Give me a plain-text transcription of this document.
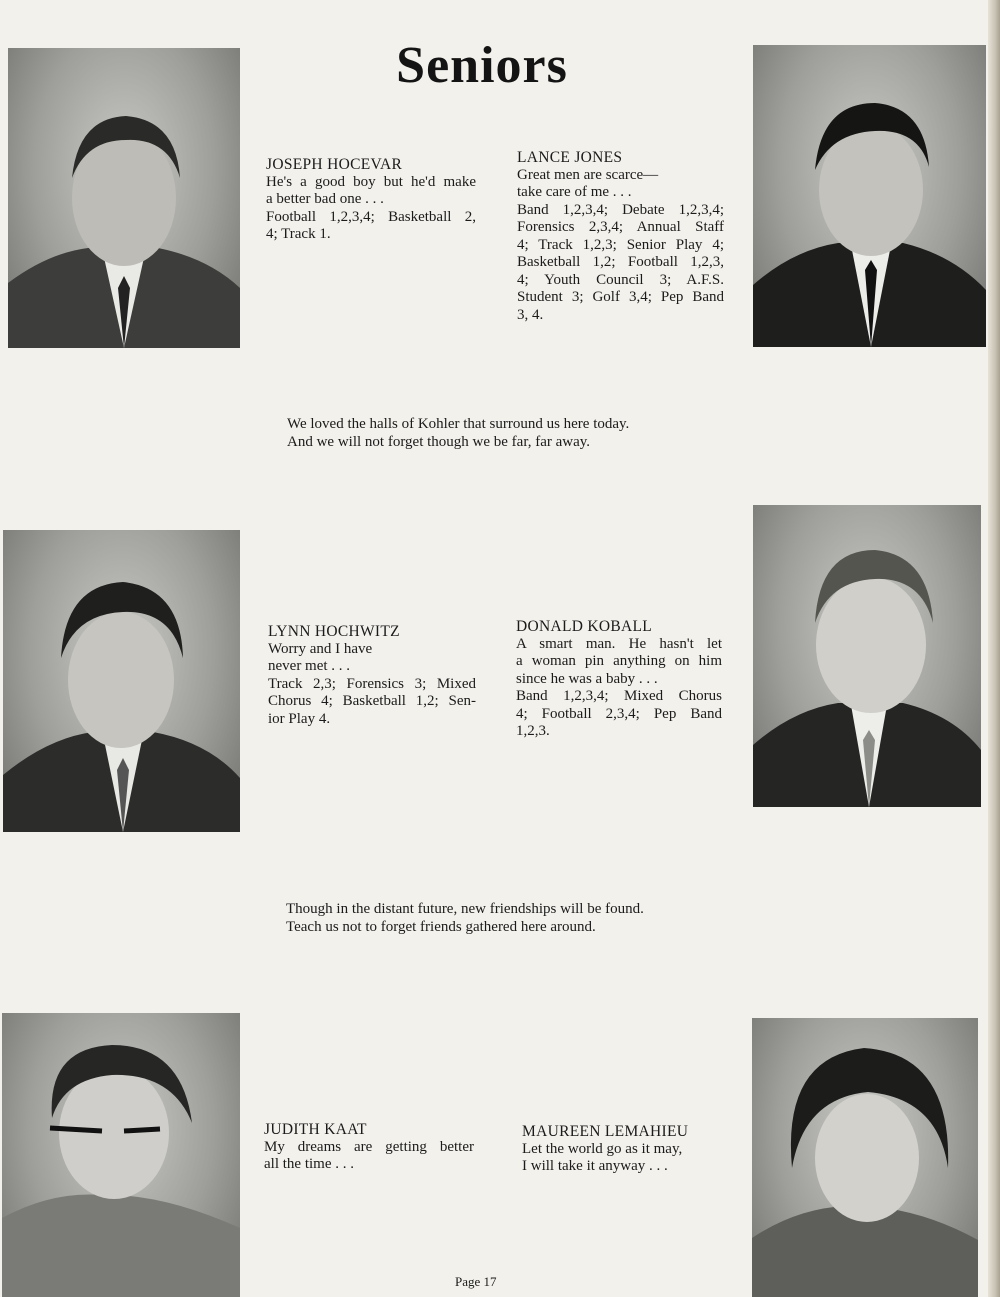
Seniors
JOSEPH HOCEVAR
He's a good boy but he'd make
a better bad one . . .
Football 1,2,3,4; Basketball 2,
4; Track 1.
LANCE JONES
Great men are scarce—
take care of me . . .
Band 1,2,3,4; Debate 1,2,3,4;
Forensics 2,3,4; Annual Staff
4; Track 1,2,3; Senior Play 4;
Basketball 1,2; Football 1,2,3,
4; Youth Council 3; A.F.S.
Student 3; Golf 3,4; Pep Band
3, 4.
LYNN HOCHWITZ
Worry and I have
never met . . .
Track 2,3; Forensics 3; Mixed
Chorus 4; Basketball 1,2; Sen-
ior Play 4.
DONALD KOBALL
A smart man. He hasn't let
a woman pin anything on him
since he was a baby . . .
Band 1,2,3,4; Mixed Chorus
4; Football 2,3,4; Pep Band
1,2,3.
JUDITH KAAT
My dreams are getting better
all the time . . .
MAUREEN LEMAHIEU
Let the world go as it may,
I will take it anyway . . .
We loved the halls of Kohler that surround us here today.
And we will not forget though we be far, far away.
Though in the distant future, new friendships will be found.
Teach us not to forget friends gathered here around.
Page 17
